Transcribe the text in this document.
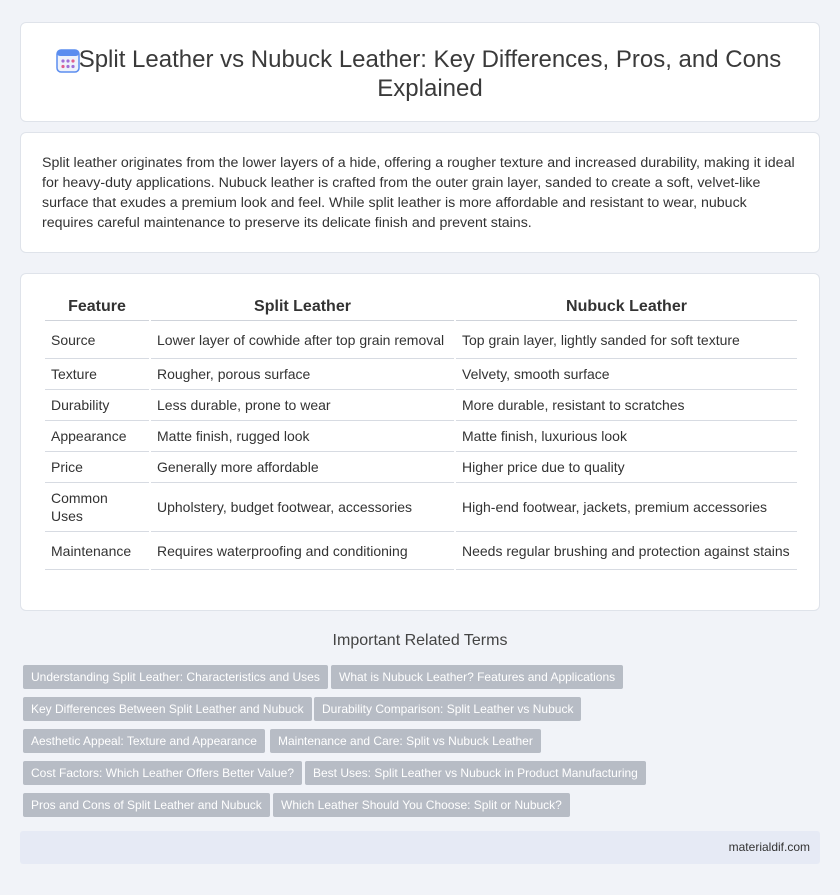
Split Leather vs Nubuck Leather: Key Differences, Pros, and Cons Explained

Split leather originates from the lower layers of a hide, offering a rougher texture and increased durability, making it ideal for heavy-duty applications. Nubuck leather is crafted from the outer grain layer, sanded to create a soft, velvet-like surface that exudes a premium look and feel. While split leather is more affordable and resistant to wear, nubuck requires careful maintenance to preserve its delicate finish and prevent stains.

Feature	Split Leather	Nubuck Leather
Source	Lower layer of cowhide after top grain removal	Top grain layer, lightly sanded for soft texture
Texture	Rougher, porous surface	Velvety, smooth surface
Durability	Less durable, prone to wear	More durable, resistant to scratches
Appearance	Matte finish, rugged look	Matte finish, luxurious look
Price	Generally more affordable	Higher price due to quality
Common Uses	Upholstery, budget footwear, accessories	High-end footwear, jackets, premium accessories
Maintenance	Requires waterproofing and conditioning	Needs regular brushing and protection against stains
Important Related Terms
Understanding Split Leather: Characteristics and Uses	What is Nubuck Leather? Features and Applications
Key Differences Between Split Leather and Nubuck	Durability Comparison: Split Leather vs Nubuck
Aesthetic Appeal: Texture and Appearance	Maintenance and Care: Split vs Nubuck Leather
Cost Factors: Which Leather Offers Better Value?	Best Uses: Split Leather vs Nubuck in Product Manufacturing
Pros and Cons of Split Leather and Nubuck	Which Leather Should You Choose: Split or Nubuck?
materialdif.com
